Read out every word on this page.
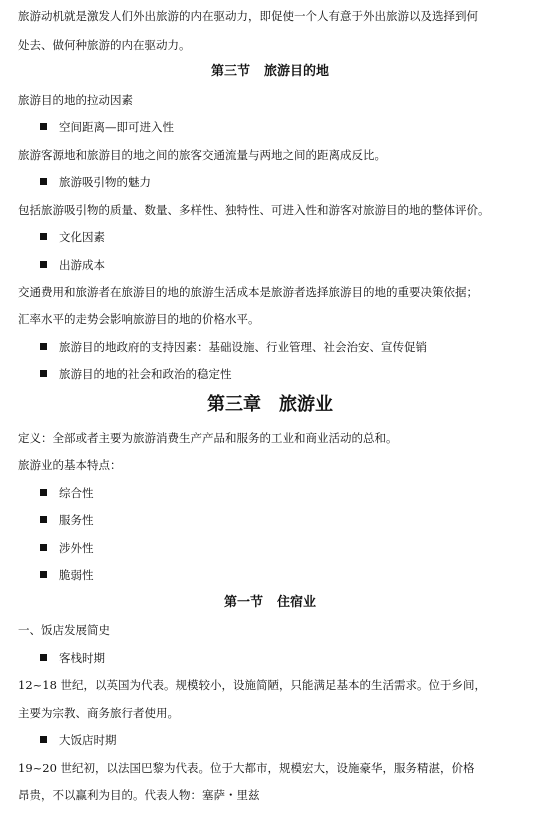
旅游动机就是激发人们外出旅游的内在驱动力，即促使一个人有意于外出旅游以及选择到何
处去、做何种旅游的内在驱动力。
第三节 旅游目的地
旅游目的地的拉动因素
空间距离—即可进入性
旅游客源地和旅游目的地之间的旅客交通流量与两地之间的距离成反比。
旅游吸引物的魅力
包括旅游吸引物的质量、数量、多样性、独特性、可进入性和游客对旅游目的地的整体评价。
文化因素
出游成本
交通费用和旅游者在旅游目的地的旅游生活成本是旅游者选择旅游目的地的重要决策依据；
汇率水平的走势会影响旅游目的地的价格水平。
旅游目的地政府的支持因素：基础设施、行业管理、社会治安、宣传促销
旅游目的地的社会和政治的稳定性
第三章 旅游业
定义：全部或者主要为旅游消费生产产品和服务的工业和商业活动的总和。
旅游业的基本特点：
综合性
服务性
涉外性
脆弱性
第一节 住宿业
一、饭店发展简史
客栈时期
12~18 世纪，以英国为代表。规模较小，设施简陋，只能满足基本的生活需求。位于乡间，
主要为宗教、商务旅行者使用。
大饭店时期
19~20 世纪初，以法国巴黎为代表。位于大都市，规模宏大，设施豪华，服务精湛，价格
昂贵，不以赢利为目的。代表人物：塞萨・里兹
